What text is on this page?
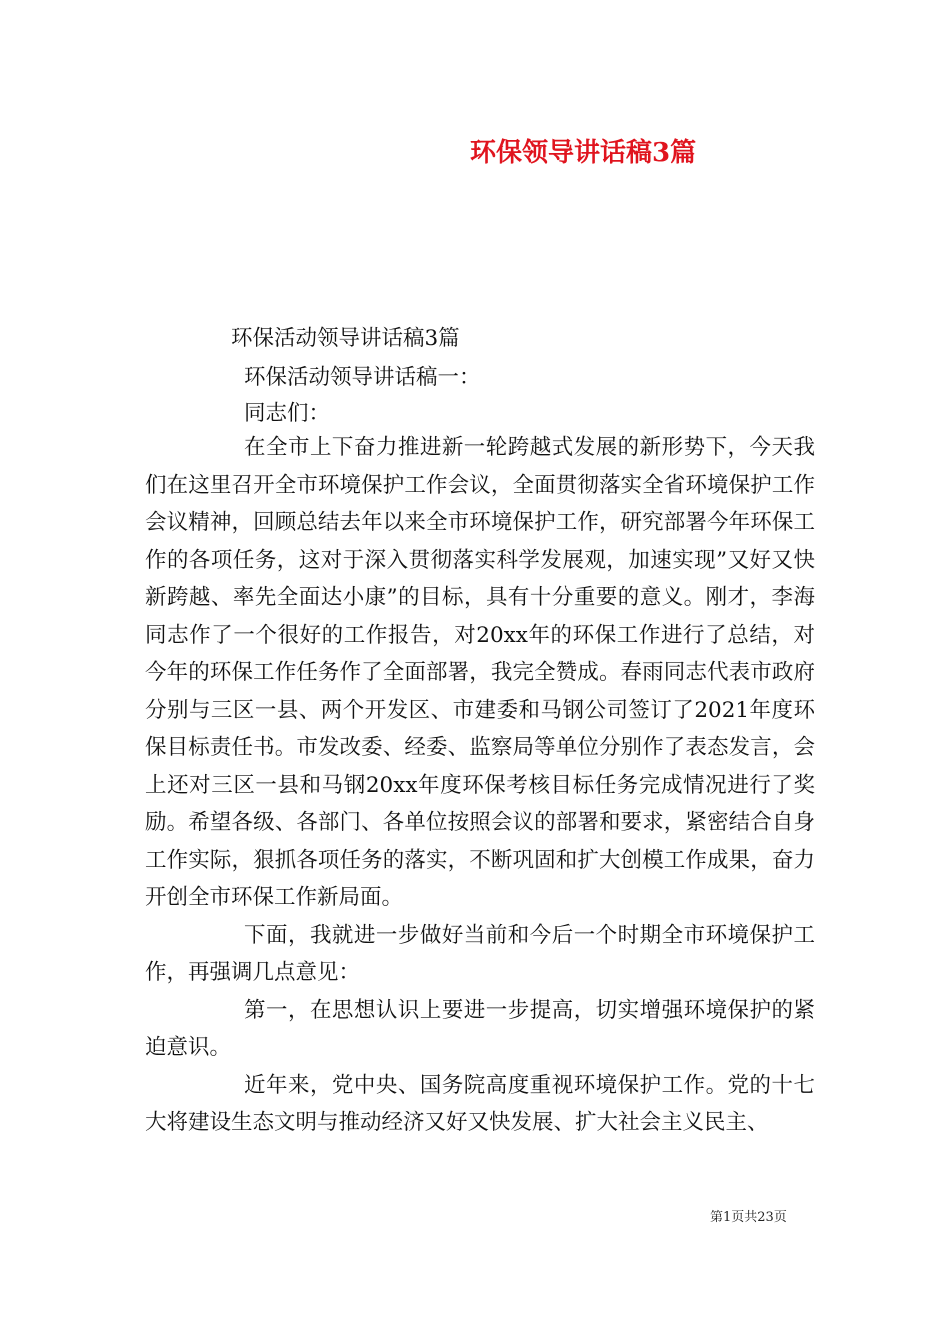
环保领导讲话稿3篇
环保活动领导讲话稿3篇
环保活动领导讲话稿一：
同志们：

在全市上下奋力推进新一轮跨越式发展的新形势下，今天我们在这里召开全市环境保护工作会议，全面贯彻落实全省环境保护工作会议精神，回顾总结去年以来全市环境保护工作，研究部署今年环保工作的各项任务，这对于深入贯彻落实科学发展观，加速实现”又好又快新跨越、率先全面达小康”的目标，具有十分重要的意义。刚才，李海同志作了一个很好的工作报告，对20xx年的环保工作进行了总结，对今年的环保工作任务作了全面部署，我完全赞成。春雨同志代表市政府分别与三区一县、两个开发区、市建委和马钢公司签订了2021年度环保目标责任书。市发改委、经委、监察局等单位分别作了表态发言，会上还对三区一县和马钢20xx年度环保考核目标任务完成情况进行了奖励。希望各级、各部门、各单位按照会议的部署和要求，紧密结合自身工作实际，狠抓各项任务的落实，不断巩固和扩大创模工作成果，奋力开创全市环保工作新局面。

下面，我就进一步做好当前和今后一个时期全市环境保护工作，再强调几点意见：

第一，在思想认识上要进一步提高，切实增强环境保护的紧迫意识。

近年来，党中央、国务院高度重视环境保护工作。党的十七大将建设生态文明与推动经济又好又快发展、扩大社会主义民主、

第1页共23页
